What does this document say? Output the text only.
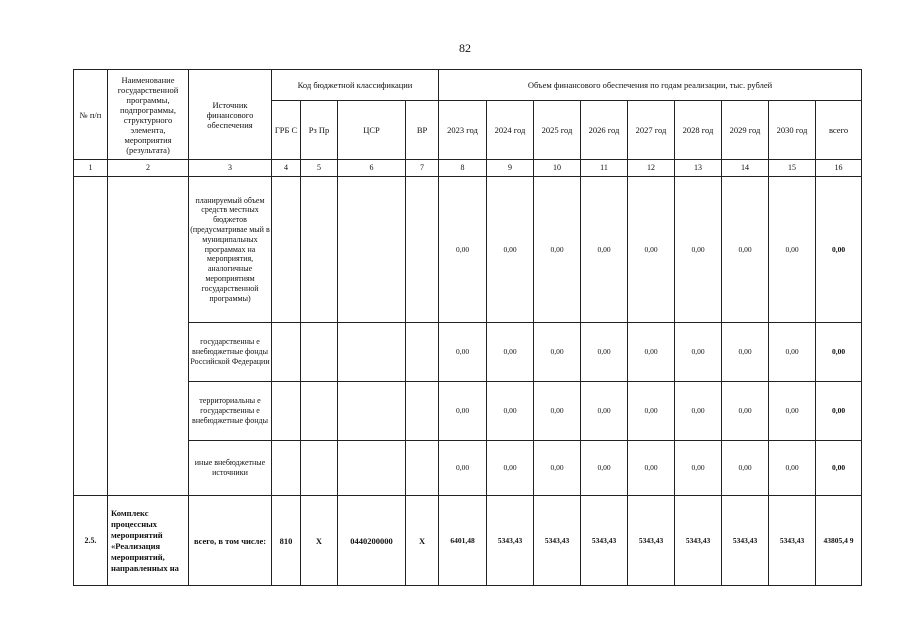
82
№ п/п	Наименование государственной программы, подпрограммы, структурного элемента, мероприятия (результата)	Источник финансового обеспечения	Код бюджетной классификации				Объем финансового обеспечения по годам реализации, тыс. рублей								
			ГРБ С	Рз Пр	ЦСР	ВР	2023 год	2024 год	2025 год	2026 год	2027 год	2028 год	2029 год	2030 год	всего
1	2	3	4	5	6	7	8	9	10	11	12	13	14	15	16
		планируемый объем средств местных бюджетов (предусматривае мый в муниципальных программах на мероприятия, аналогичные мероприятиям государственной программы)					0,00	0,00	0,00	0,00	0,00	0,00	0,00	0,00	0,00
		государственны е внебюджетные фонды Российской Федерации					0,00	0,00	0,00	0,00	0,00	0,00	0,00	0,00	0,00
		территориальны е государственны е внебюджетные фонды					0,00	0,00	0,00	0,00	0,00	0,00	0,00	0,00	0,00
		иные внебюджетные источники					0,00	0,00	0,00	0,00	0,00	0,00	0,00	0,00	0,00
2.5.	Комплекс процессных мероприятий «Реализация мероприятий, направленных на	всего, в том числе:	810	Х	0440200000	Х	6401,48	5343,43	5343,43	5343,43	5343,43	5343,43	5343,43	5343,43	43805,4 9
